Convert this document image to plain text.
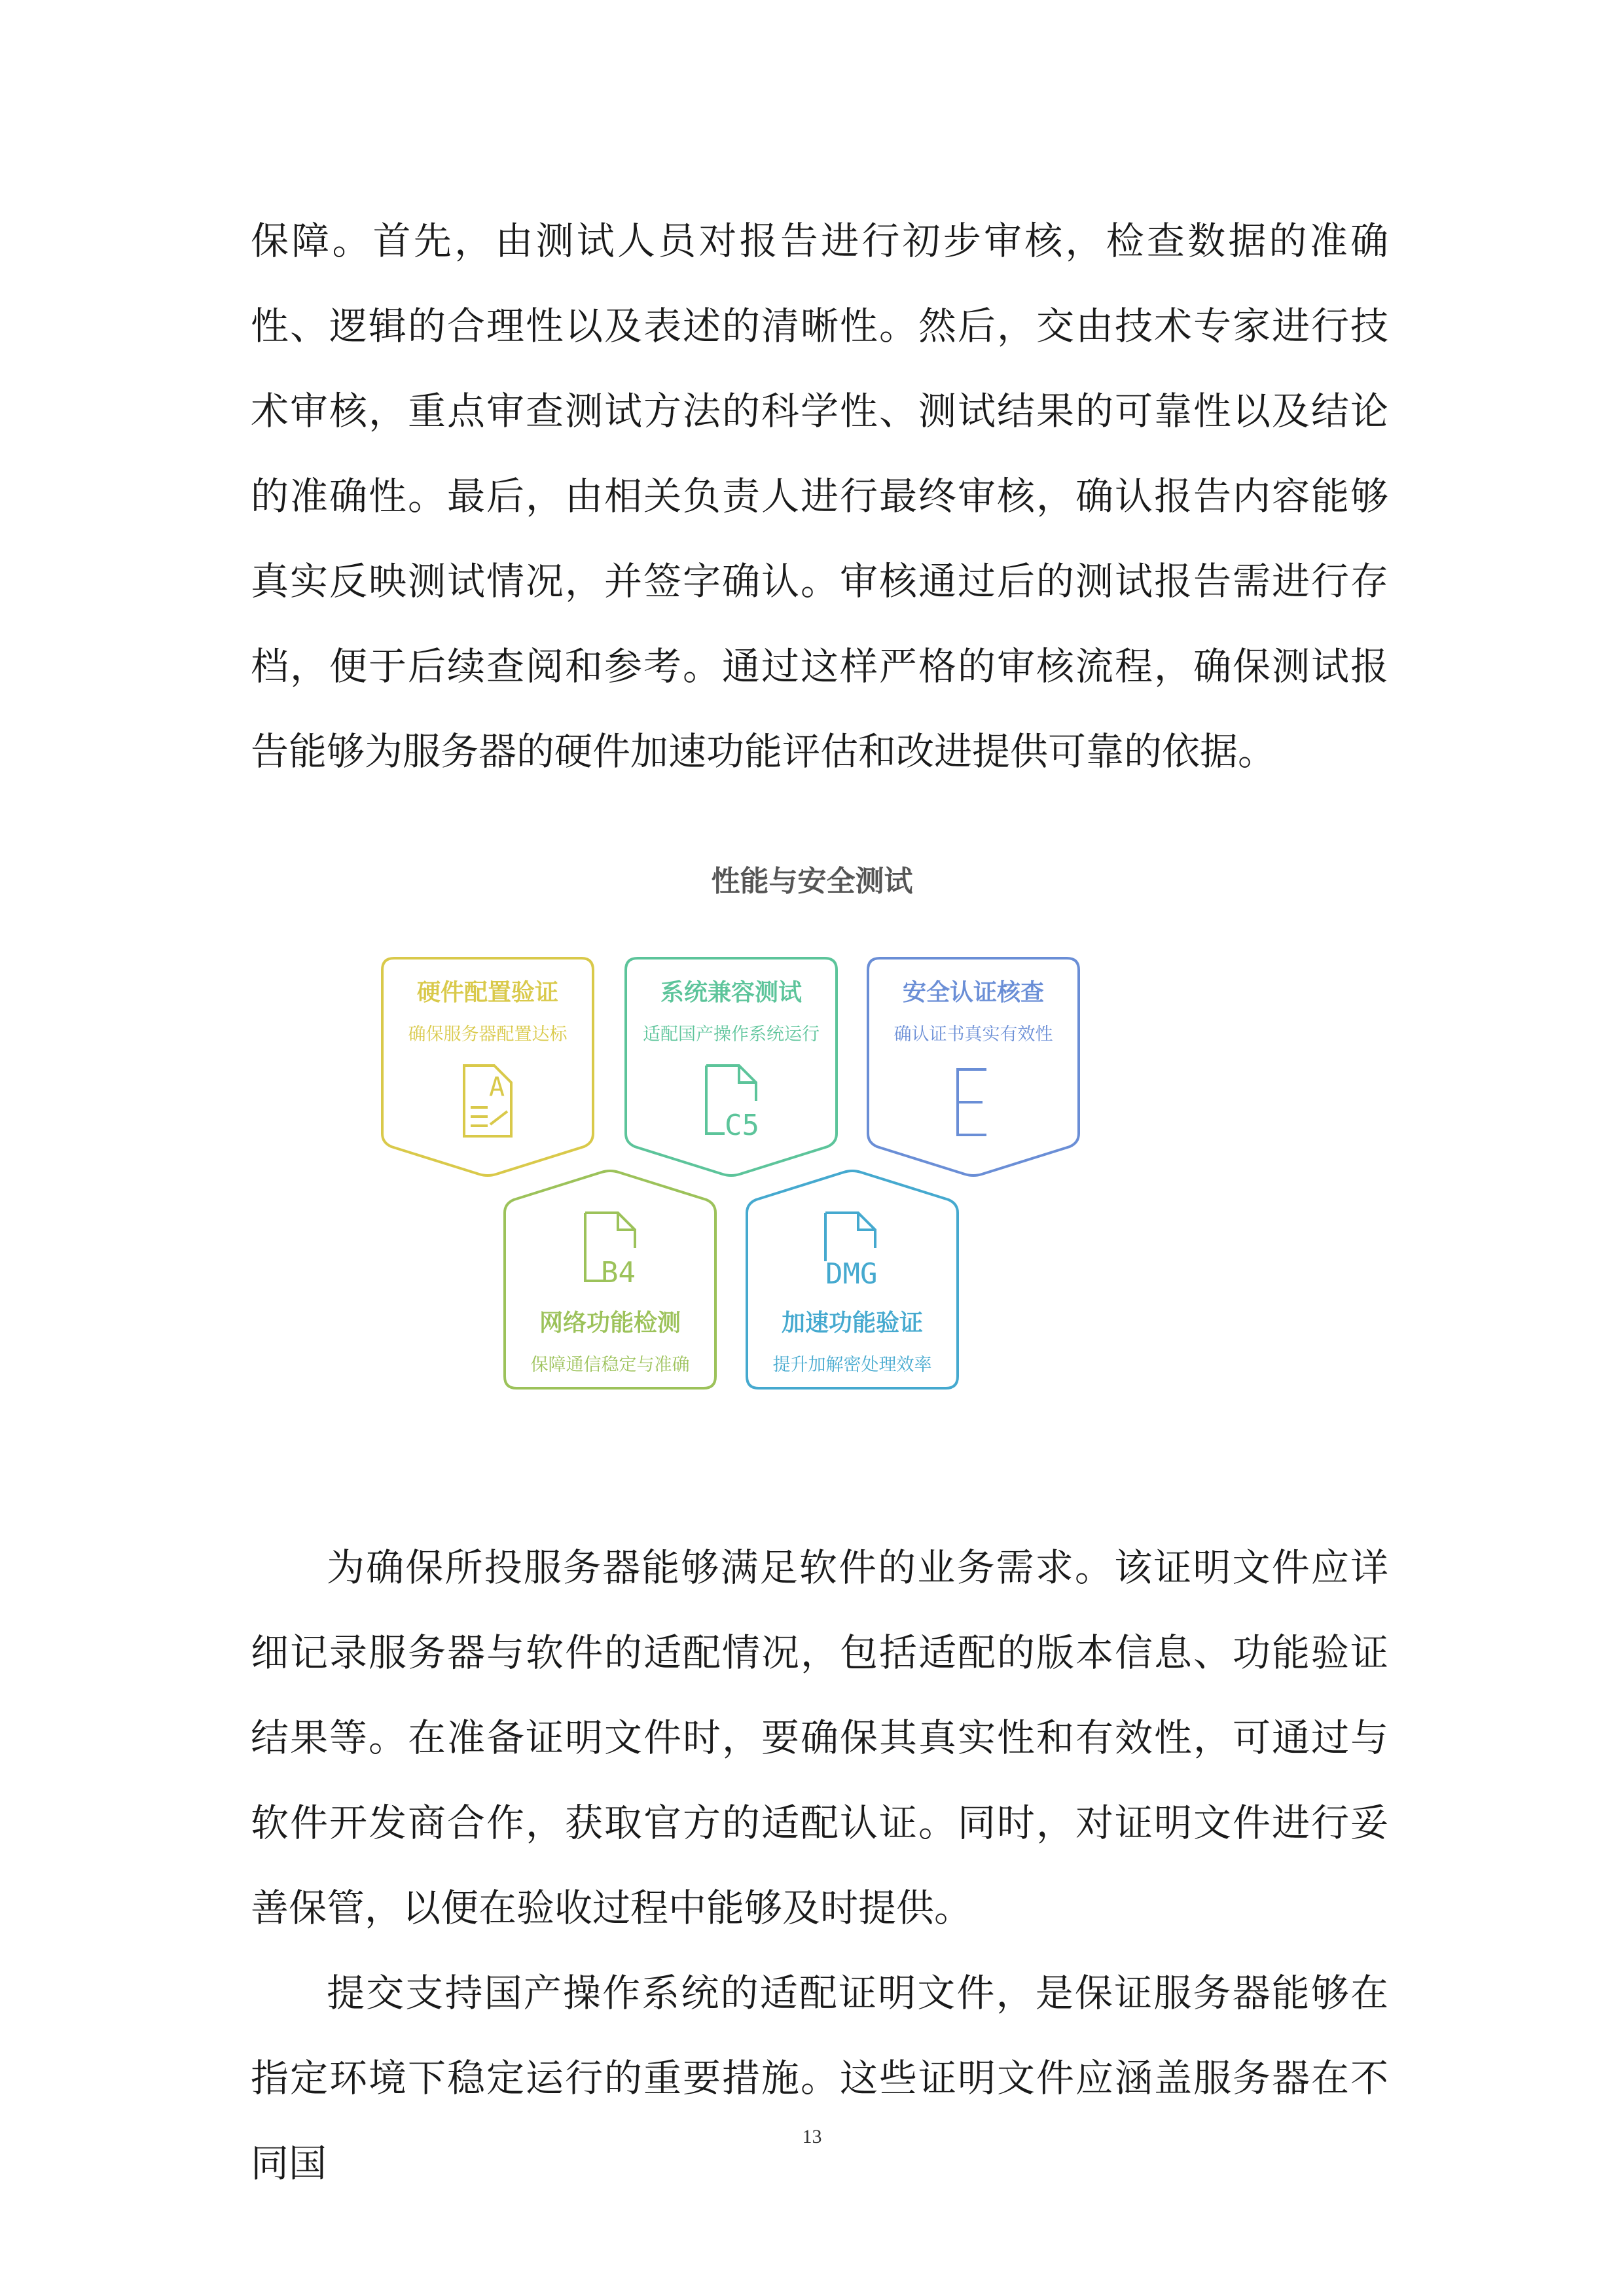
保障。首先，由测试人员对报告进行初步审核，检查数据的准确性、逻辑的合理性以及表述的清晰性。然后，交由技术专家进行技术审核，重点审查测试方法的科学性、测试结果的可靠性以及结论的准确性。最后，由相关负责人进行最终审核，确认报告内容能够真实反映测试情况，并签字确认。审核通过后的测试报告需进行存档，便于后续查阅和参考。通过这样严格的审核流程，确保测试报告能够为服务器的硬件加速功能评估和改进提供可靠的依据。

性能与安全测试
硬件配置验证
确保服务器配置达标
A
系统兼容测试
适配国产操作系统运行
C5
安全认证核查
确认证书真实有效性
B4
网络功能检测
保障通信稳定与准确
DMG
加速功能验证
提升加解密处理效率

为确保所投服务器能够满足软件的业务需求。该证明文件应详细记录服务器与软件的适配情况，包括适配的版本信息、功能验证结果等。在准备证明文件时，要确保其真实性和有效性，可通过与软件开发商合作，获取官方的适配认证。同时，对证明文件进行妥善保管，以便在验收过程中能够及时提供。

提交支持国产操作系统的适配证明文件，是保证服务器能够在指定环境下稳定运行的重要措施。这些证明文件应涵盖服务器在不同国

13
